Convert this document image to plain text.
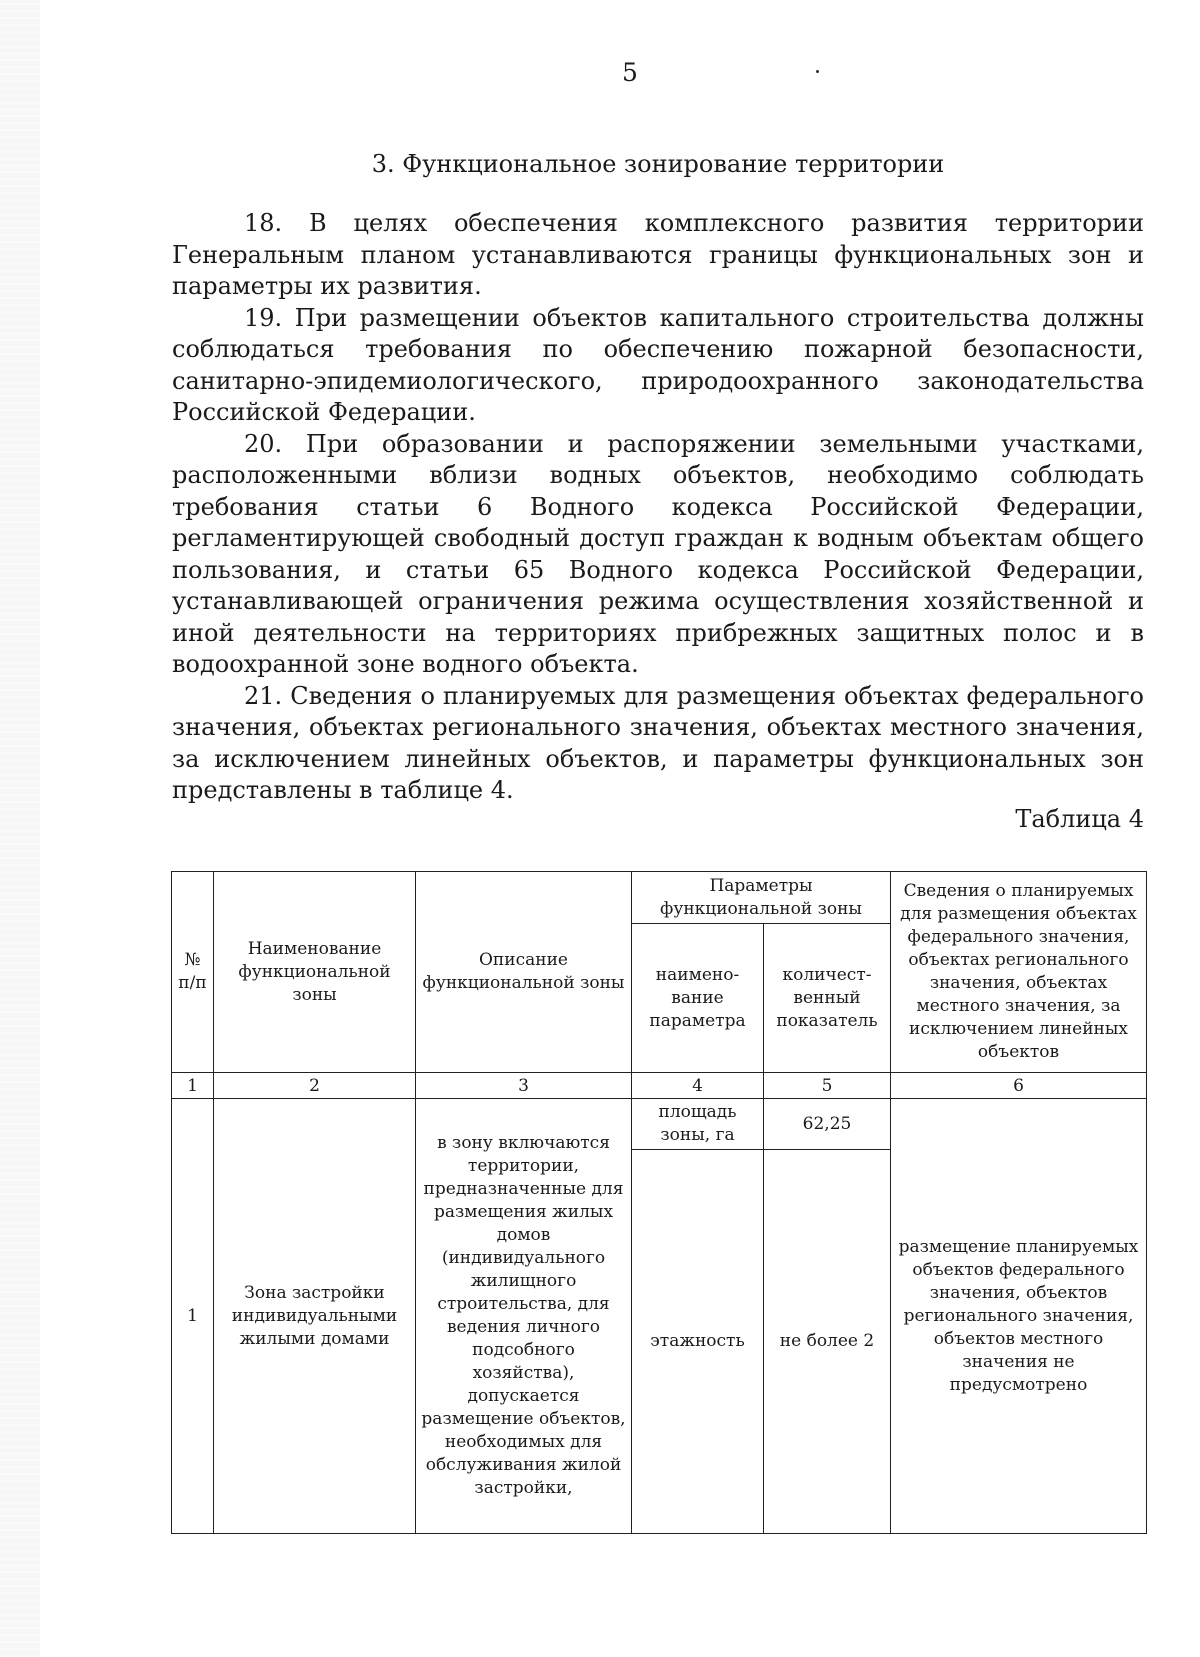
5
3. Функциональное зонирование территории

18. В целях обеспечения комплексного развития территории Генеральным планом устанавливаются границы функциональных зон и параметры их развития.

19. При размещении объектов капитального строительства должны соблюдаться требования по обеспечению пожарной безопасности, санитарно-эпидемиологического, природоохранного законодательства Российской Федерации.

20. При образовании и распоряжении земельными участками, расположенными вблизи водных объектов, необходимо соблюдать требования статьи 6 Водного кодекса Российской Федерации, регламентирующей свободный доступ граждан к водным объектам общего пользования, и статьи 65 Водного кодекса Российской Федерации, устанавливающей ограничения режима осуществления хозяйственной и иной деятельности на территориях прибрежных защитных полос и в водоохранной зоне водного объекта.

21. Сведения о планируемых для размещения объектах федерального значения, объектах регионального значения, объектах местного значения, за исключением линейных объектов, и параметры функциональных зон представлены в таблице 4.

Таблица 4
№ п/п	Наименование функциональной зоны	Описание функциональной зоны	Параметры функциональной зоны		Сведения о планируемых для размещения объектах федерального значения, объектах регионального значения, объектах местного значения, за исключением линейных объектов
			наимено-вание параметра	количест-венный показатель	
1	2	3	4	5	6
1	Зона застройки индивидуальными жилыми домами	в зону включаются территории, предназначенные для размещения жилых домов (индивидуального жилищного строительства, для ведения личного подсобного хозяйства), допускается размещение объектов, необходимых для обслуживания жилой застройки,	площадь зоны, га	62,25	размещение планируемых объектов федерального значения, объектов регионального значения, объектов местного значения не предусмотрено
			этажность	не более 2	
